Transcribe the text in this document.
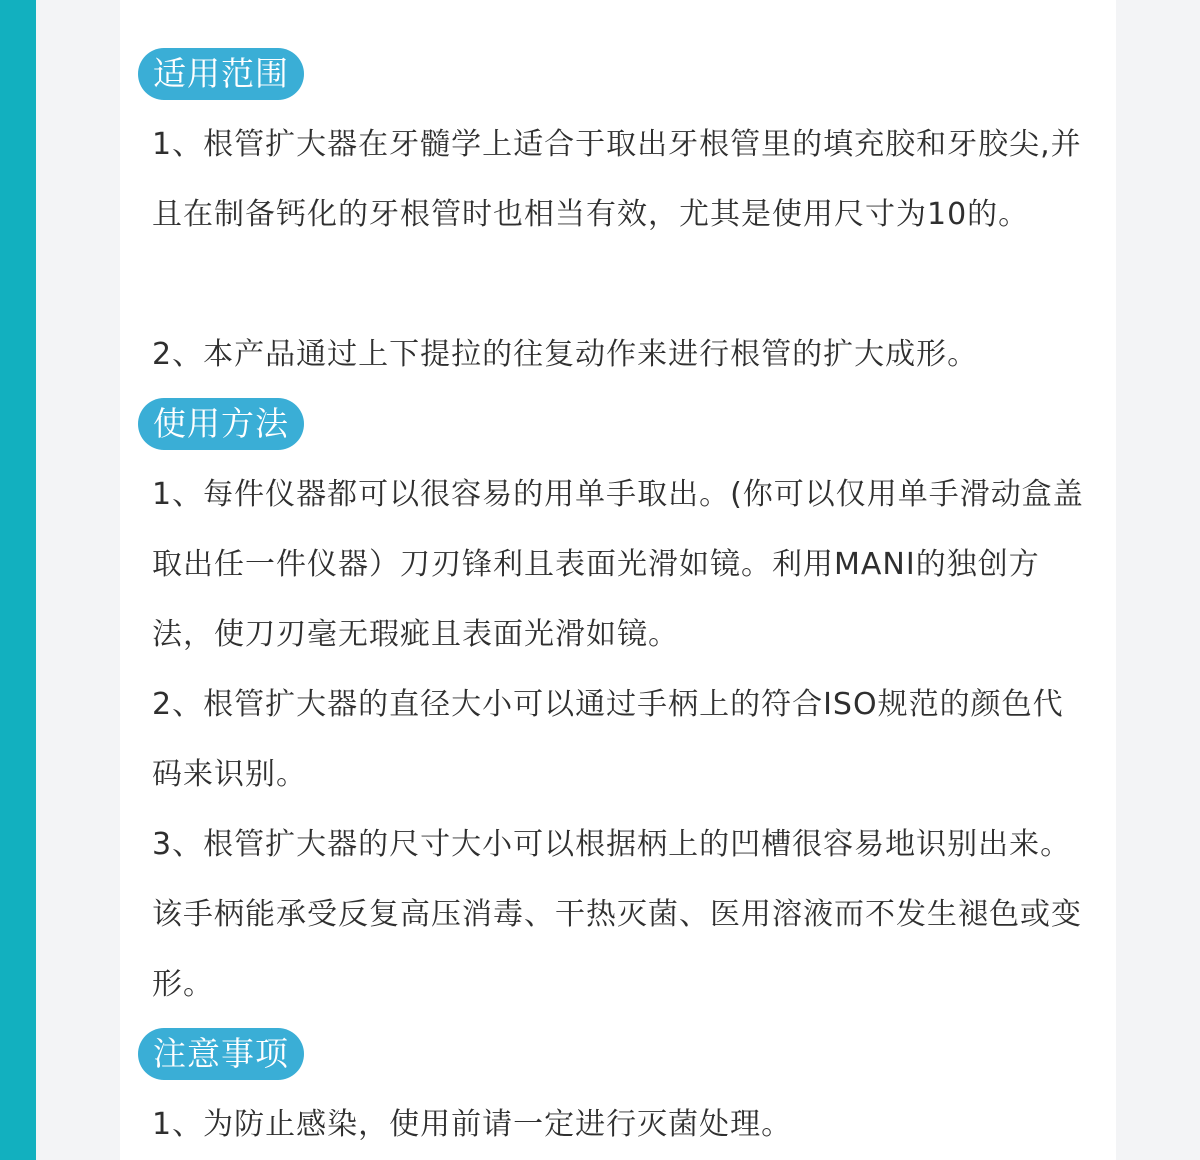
适用范围

1、根管扩大器在牙髓学上适合于取出牙根管里的填充胶和牙胶尖,并且在制备钙化的牙根管时也相当有效，尤其是使用尺寸为10的。

2、本产品通过上下提拉的往复动作来进行根管的扩大成形。

使用方法

1、每件仪器都可以很容易的用单手取出。(你可以仅用单手滑动盒盖取出任一件仪器）刀刃锋利且表面光滑如镜。利用MANI的独创方法，使刀刃毫无瑕疵且表面光滑如镜。

2、根管扩大器的直径大小可以通过手柄上的符合ISO规范的颜色代码来识别。

3、根管扩大器的尺寸大小可以根据柄上的凹槽很容易地识别出来。该手柄能承受反复高压消毒、干热灭菌、医用溶液而不发生褪色或变形。

注意事项

1、为防止感染，使用前请一定进行灭菌处理。
